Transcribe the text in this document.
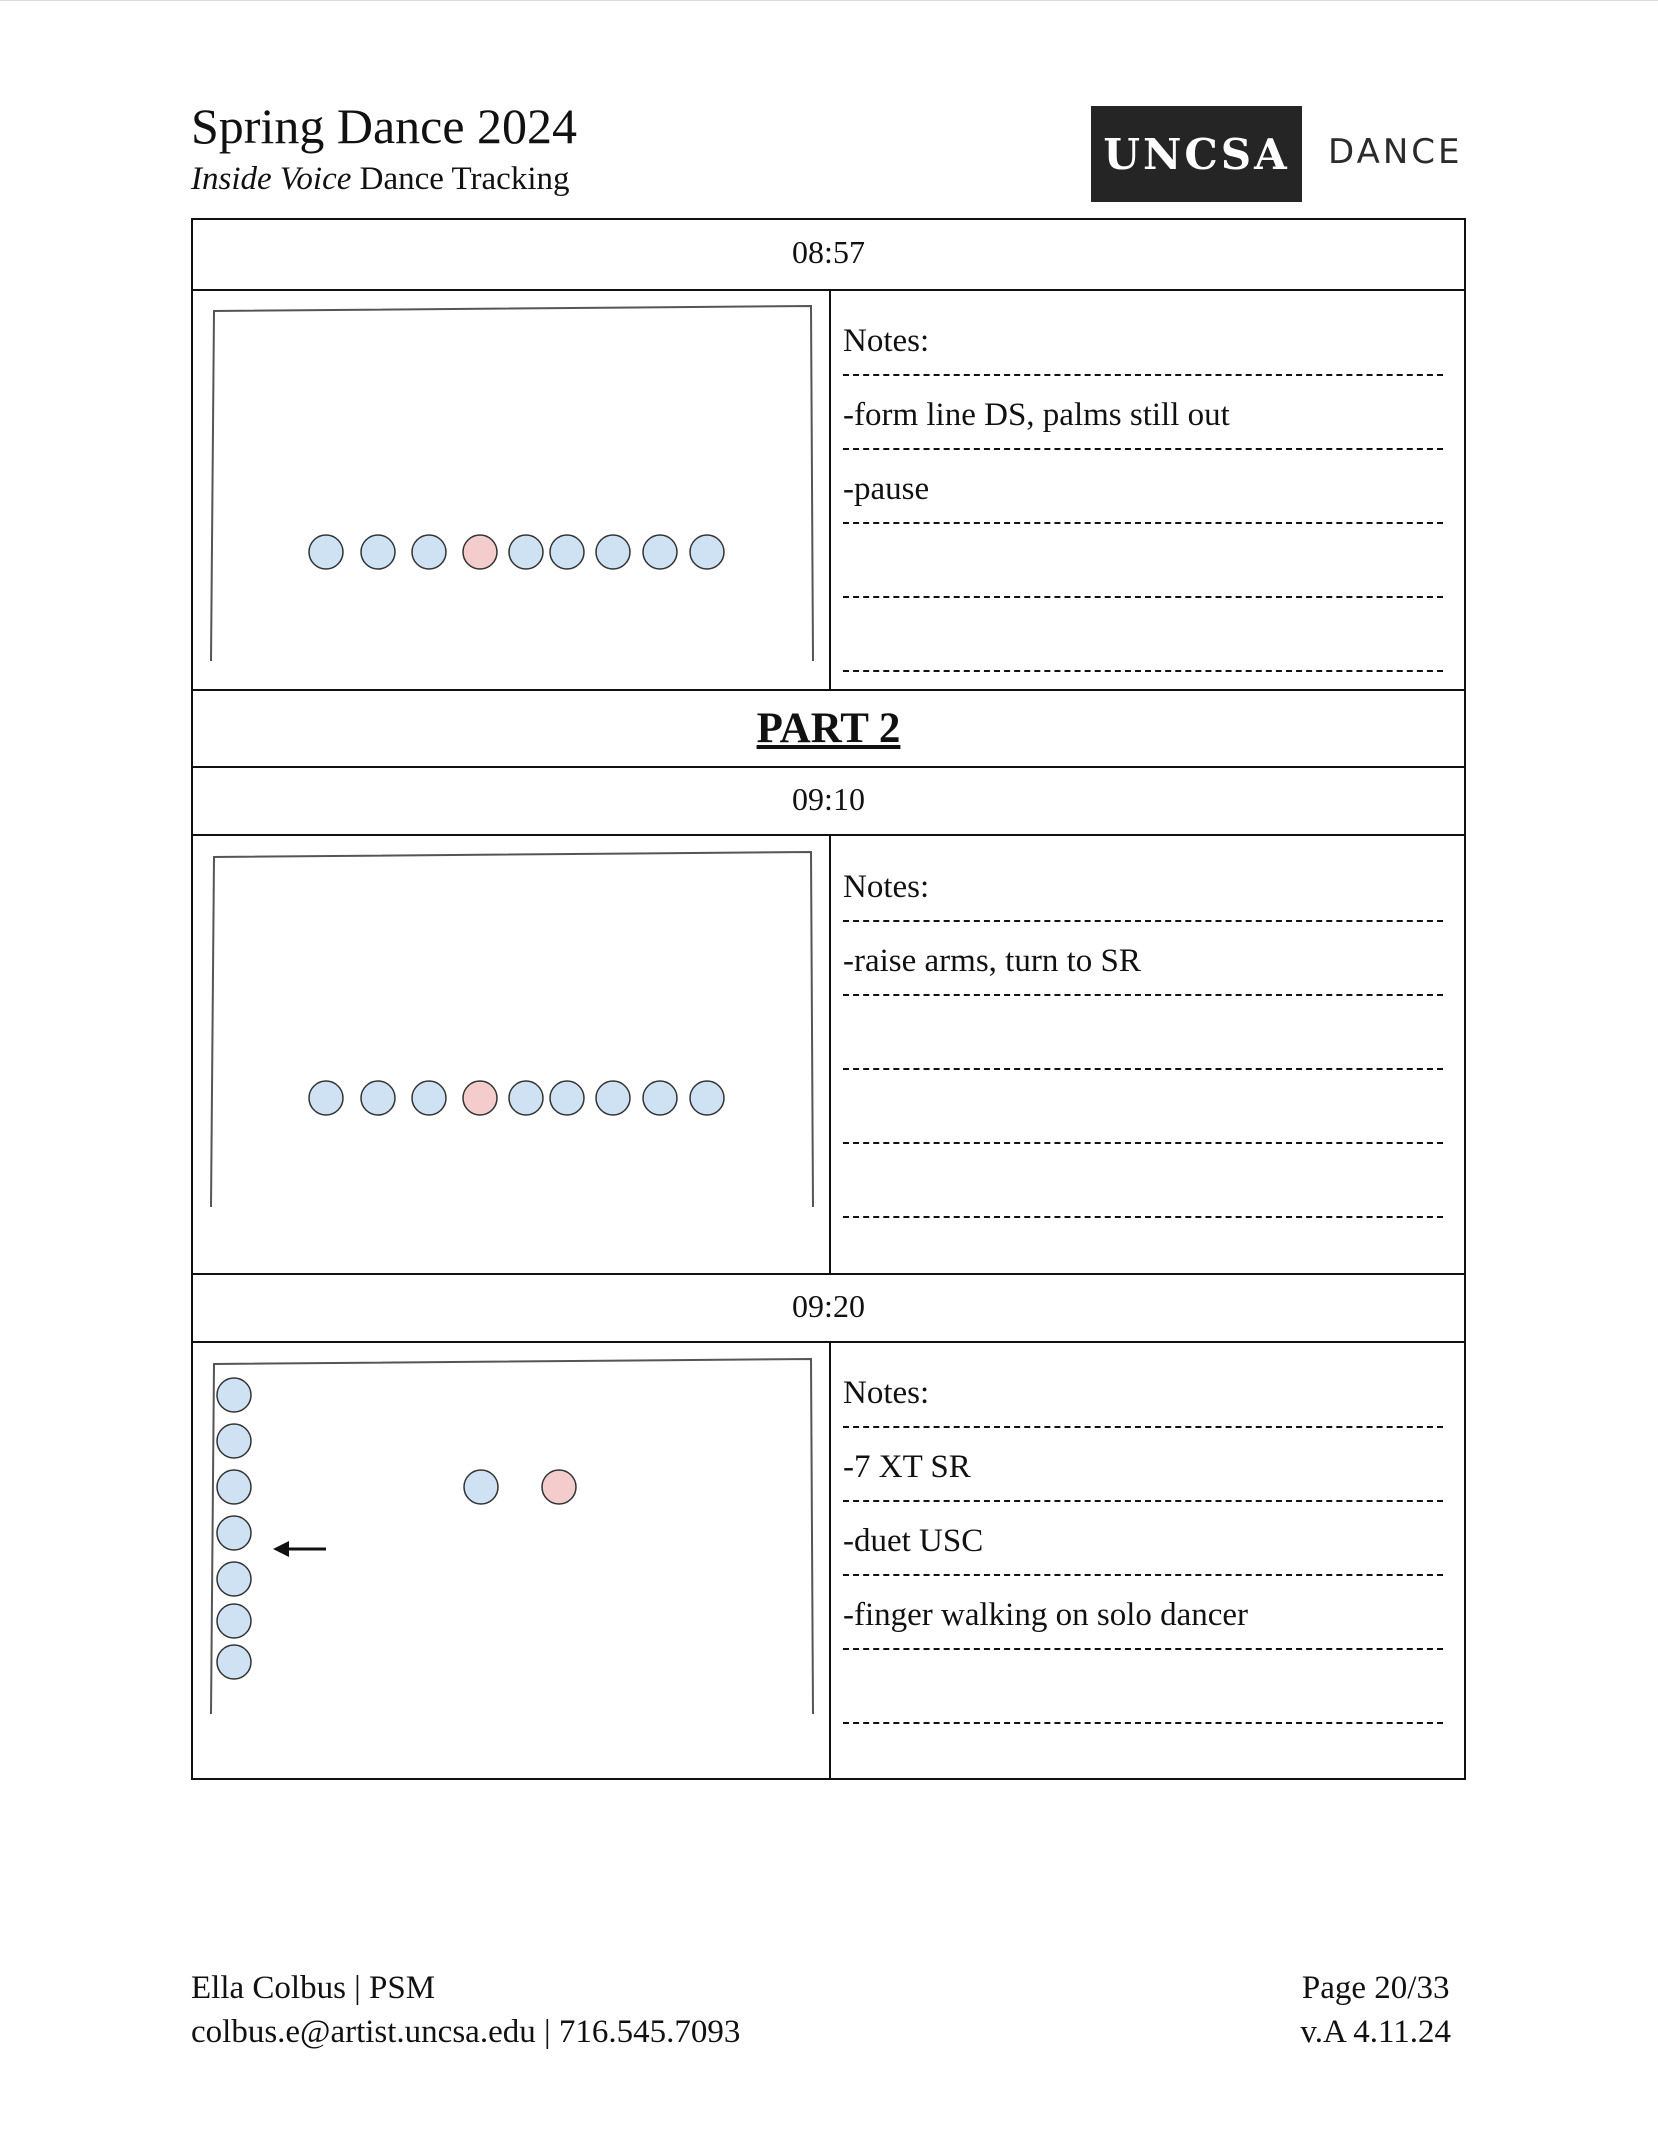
Spring Dance 2024
Inside Voice Dance Tracking
UNCSA	DANCE
08:57
Notes:
-form line DS, palms still out
-pause
PART 2
09:10
Notes:
-raise arms, turn to SR
09:20
Notes:
-7 XT SR
-duet USC
-finger walking on solo dancer
Ella Colbus | PSM
colbus.e@artist.uncsa.edu | 716.545.7093
Page 20/33
v.A 4.11.24
